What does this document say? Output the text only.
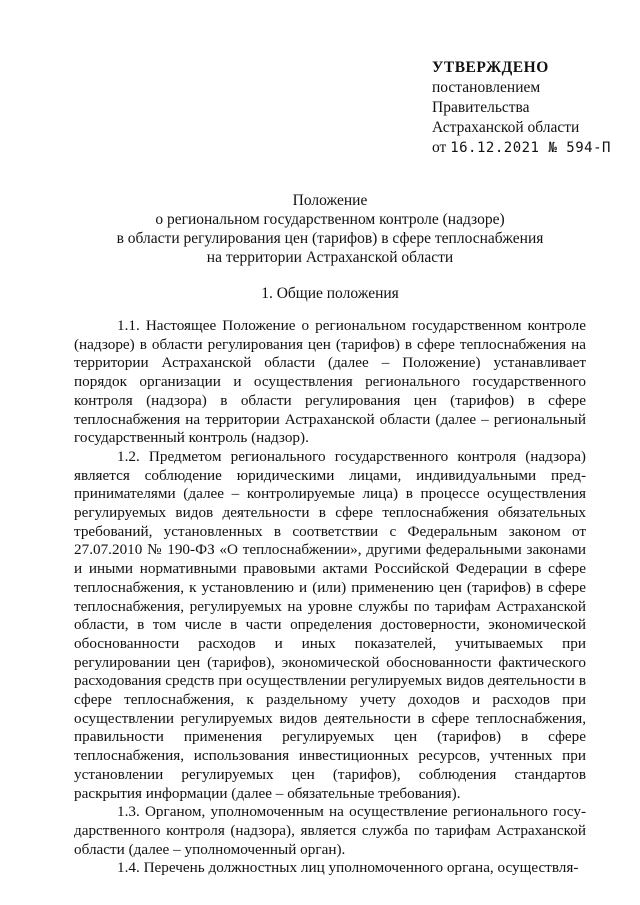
УТВЕРЖДЕНО
постановлением
Правительства
Астраханской области
от 16.12.2021 № 594-П
Положение
о региональном государственном контроле (надзоре)
в области регулирования цен (тарифов) в сфере теплоснабжения
на территории Астраханской области
1. Общие положения

1.1. Настоящее Положение о региональном государственном контроле (надзоре) в области регулирования цен (тарифов) в сфере теплоснабжения на территории Астраханской области (далее – Положение) устанавливает порядок организации и осуществления регионального государственного контроля (надзора) в области регулирования цен (тарифов) в сфере теплоснабжения на территории Астраханской области (далее – региональный государственный контроль (надзор).

1.2. Предметом регионального государственного контроля (надзора) является соблюдение юридическими лицами, индивидуальными предпринимателями (далее – контролируемые лица) в процессе осуществления регулируемых видов деятельности в сфере теплоснабжения обязательных требований, установленных в соответствии с Федеральным законом от 27.07.2010 № 190-ФЗ «О теплоснабжении», другими федеральными законами и иными нормативными правовыми актами Российской Федерации в сфере теплоснабжения, к установлению и (или) применению цен (тарифов) в сфере теплоснабжения, регулируемых на уровне службы по тарифам Астраханской области, в том числе в части определения достоверности, экономической обоснованности расходов и иных показателей, учитываемых при регулировании цен (тарифов), экономической обоснованности фактического расходования средств при осуществлении регулируемых видов деятельности в сфере теплоснабжения, к раздельному учету доходов и расходов при осуществлении регулируемых видов деятельности в сфере теплоснабжения, правильности применения регулируемых цен (тарифов) в сфере теплоснабжения, использования инвестиционных ресурсов, учтенных при установлении регулируемых цен (тарифов), соблюдения стандартов раскрытия информации (далее – обязательные требования).

1.3. Органом, уполномоченным на осуществление регионального государственного контроля (надзора), является служба по тарифам Астраханской области (далее – уполномоченный орган).

1.4. Перечень должностных лиц уполномоченного органа, осуществля-
